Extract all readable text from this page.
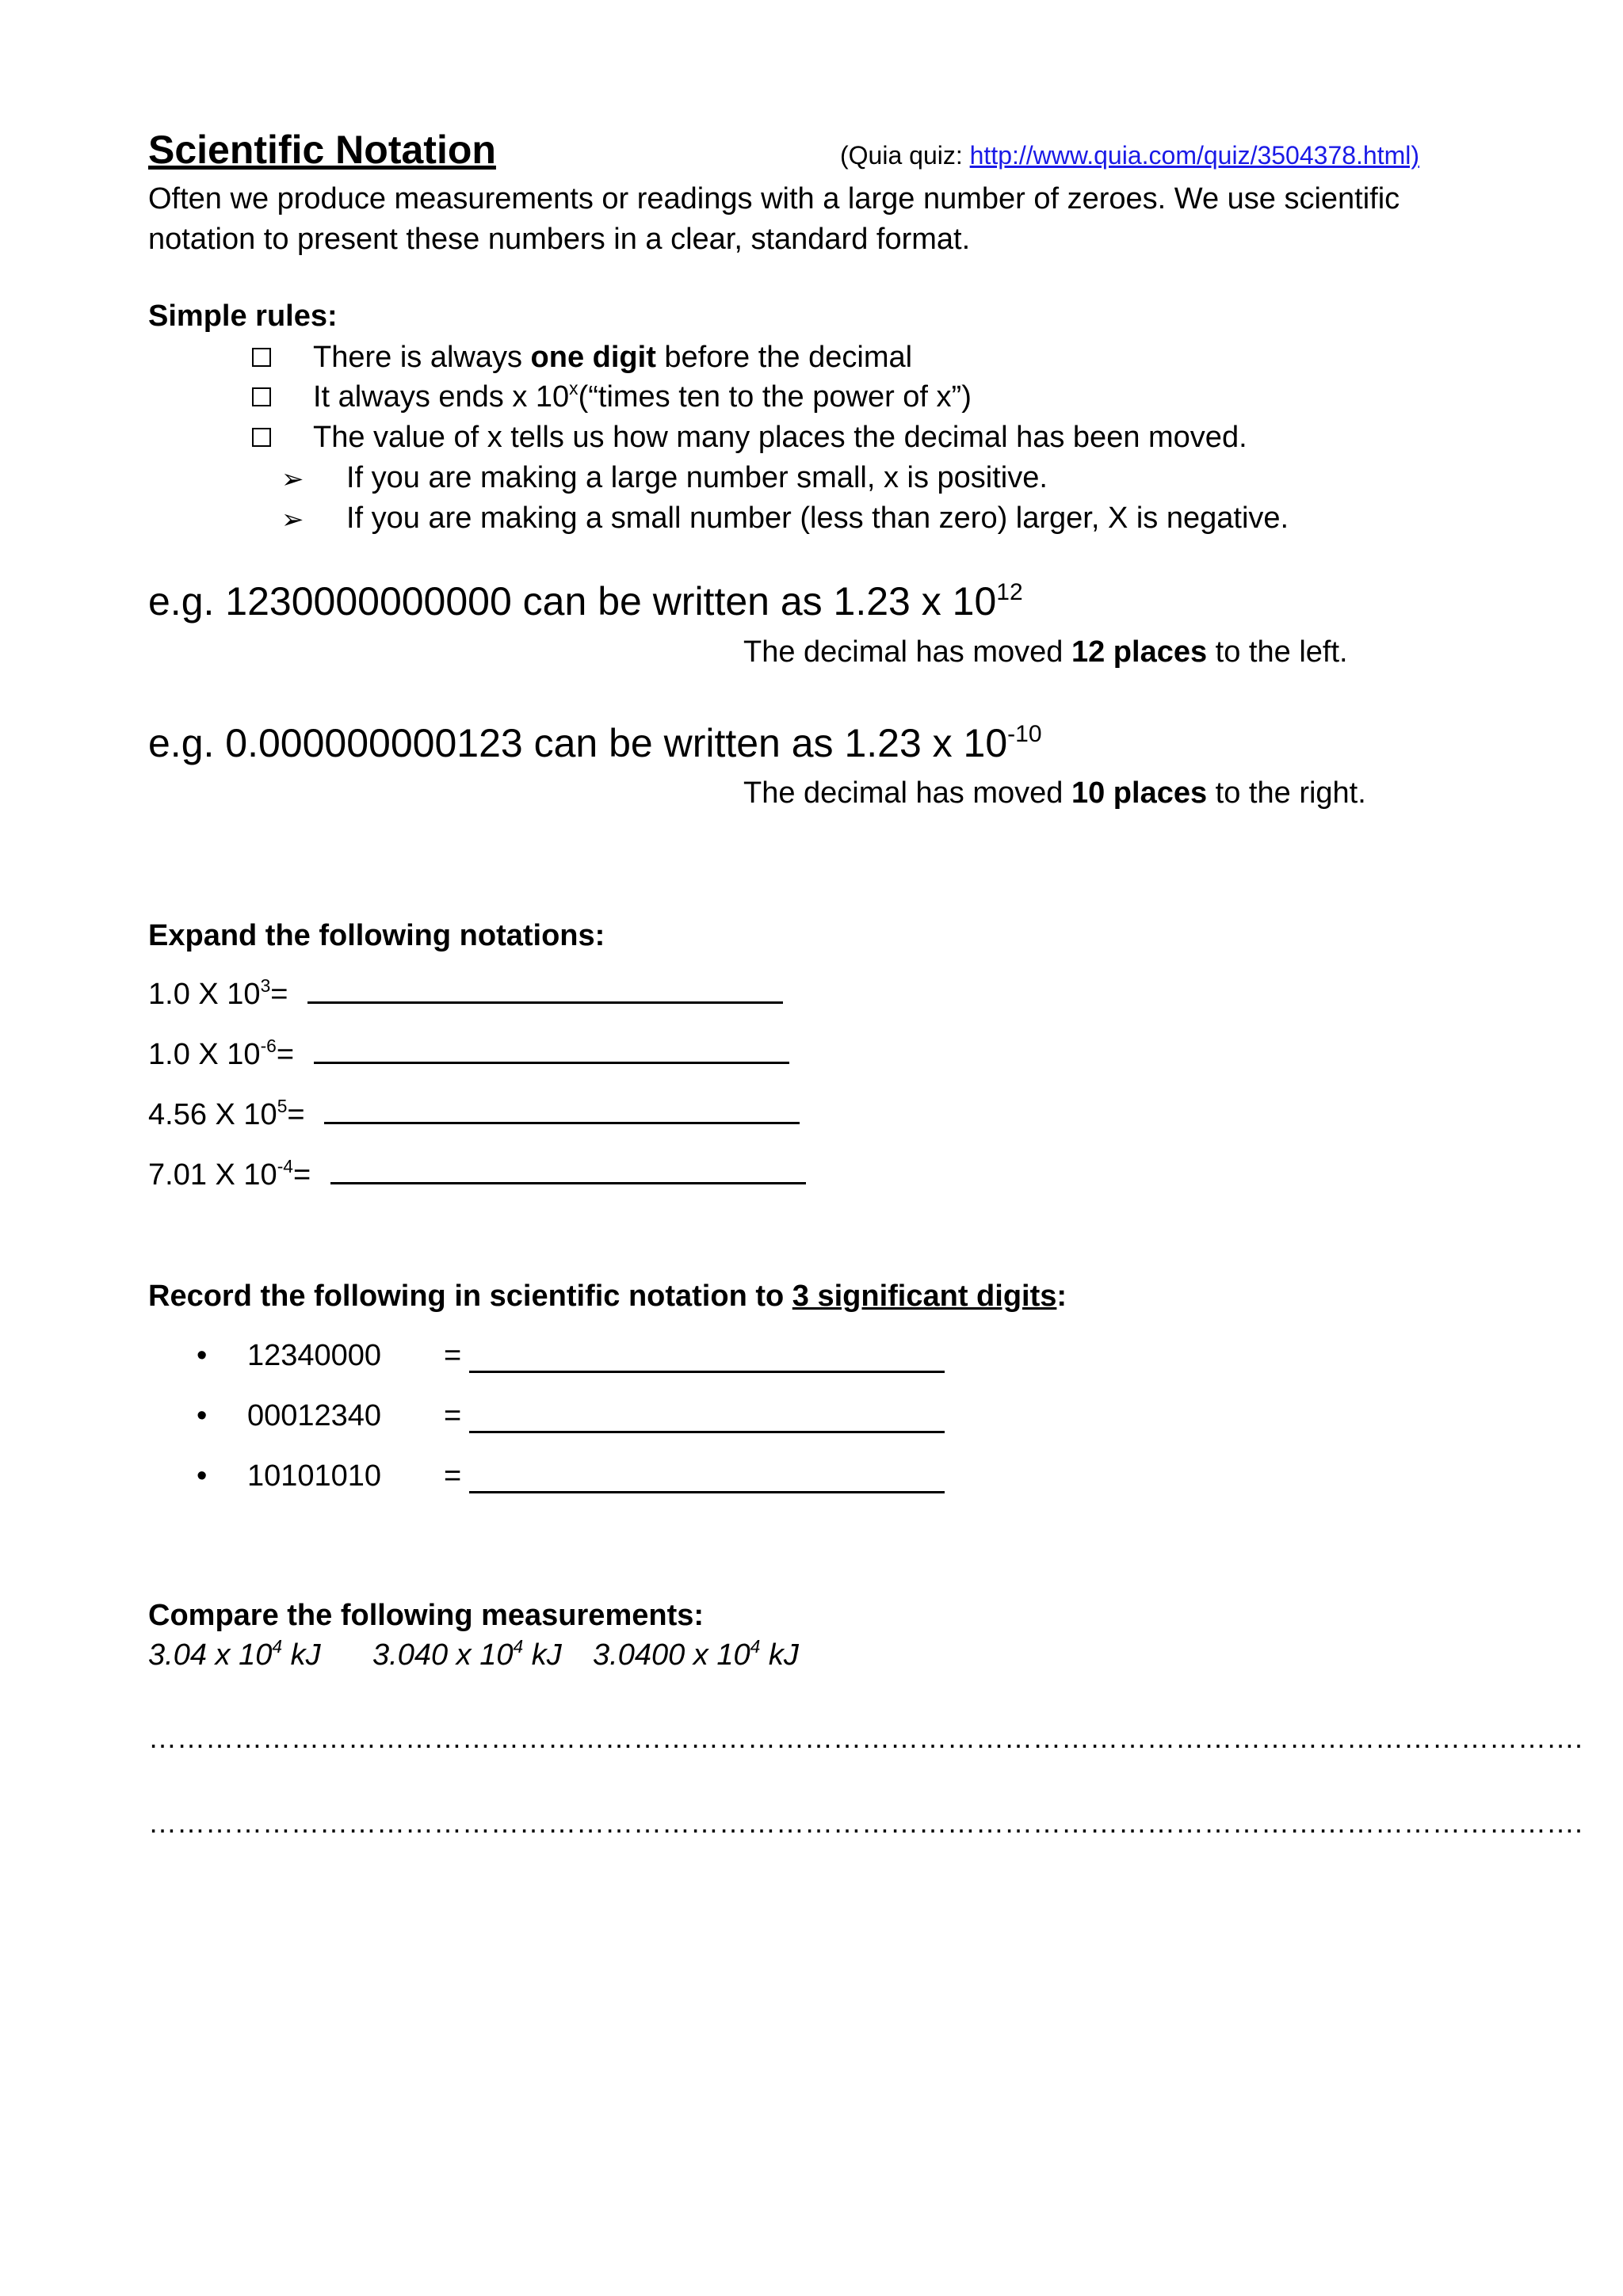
Scientific Notation	(Quia quiz: http://www.quia.com/quiz/3504378.html)
Often we produce measurements or readings with a large number of zeroes. We use scientific notation to present these numbers in a clear, standard format.
Simple rules:
There is always one digit before the decimal
It always ends x 10$^x$(“times ten to the power of x”)
The value of x tells us how many places the decimal has been moved.
➢ If you are making a large number small, x is positive.
➢ If you are making a small number (less than zero) larger, X is negative.
e.g. 1230000000000 can be written as 1.23 x $10^{12}$
The decimal has moved 12 places to the left.
e.g. 0.000000000123 can be written as 1.23 x $10^{-10}$
The decimal has moved 10 places to the right.
Expand the following notations:
1.0 X $10^3=$
1.0 X $10^{-6}=$
4.56 X $10^5=$
7.01 X $10^{-4}=$
Record the following in scientific notation to 3 significant digits:
• 12340000 =
• 00012340 =
• 10101010 =
Compare the following measurements:
3.04 x $10^4$ kJ 3.040 x $10^4$ kJ 3.0400 x $10^4$ kJ
…………………………………………………………………………………………………………………………………….
…………………………………………………………………………………………………………………………………….
